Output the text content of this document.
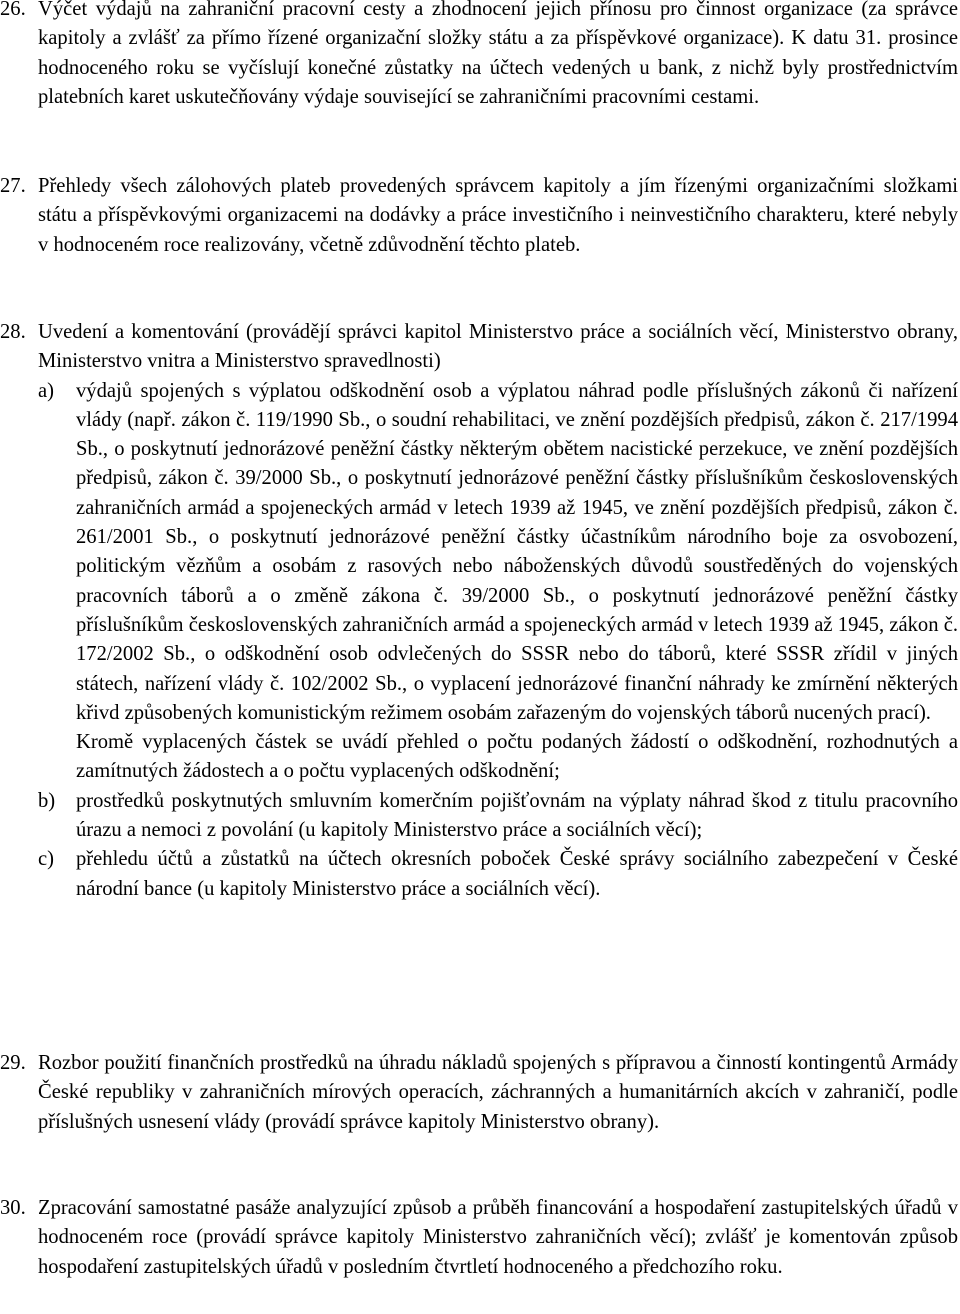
26. Výčet výdajů na zahraniční pracovní cesty a zhodnocení jejich přínosu pro činnost organizace (za správce kapitoly a zvlášť za přímo řízené organizační složky státu a za příspěvkové organizace). K datu 31. prosince hodnoceného roku se vyčíslují konečné zůstatky na účtech vedených u bank, z nichž byly prostřednictvím platebních karet uskutečňovány výdaje související se zahraničními pracovními cestami.
27. Přehledy všech zálohových plateb provedených správcem kapitoly a jím řízenými organizačními složkami státu a příspěvkovými organizacemi na dodávky a práce investičního i neinvestičního charakteru, které nebyly v hodnoceném roce realizovány, včetně zdůvodnění těchto plateb.
28. Uvedení a komentování (provádějí správci kapitol Ministerstvo práce a sociálních věcí, Ministerstvo obrany, Ministerstvo vnitra a Ministerstvo spravedlnosti)
a) výdajů spojených s výplatou odškodnění osob a výplatou náhrad podle příslušných zákonů či nařízení vlády (např. zákon č. 119/1990 Sb., o soudní rehabilitaci, ve znění pozdějších předpisů, zákon č. 217/1994 Sb., o poskytnutí jednorázové peněžní částky některým obětem nacistické perzekuce, ve znění pozdějších předpisů, zákon č. 39/2000 Sb., o poskytnutí jednorázové peněžní částky příslušníkům československých zahraničních armád a spojeneckých armád v letech 1939 až 1945, ve znění pozdějších předpisů, zákon č. 261/2001 Sb., o poskytnutí jednorázové peněžní částky účastníkům národního boje za osvobození, politickým vězňům a osobám z rasových nebo náboženských důvodů soustředěných do vojenských pracovních táborů a o změně zákona č. 39/2000 Sb., o poskytnutí jednorázové peněžní částky příslušníkům československých zahraničních armád a spojeneckých armád v letech 1939 až 1945, zákon č. 172/2002 Sb., o odškodnění osob odvlečených do SSSR nebo do táborů, které SSSR zřídil v jiných státech, nařízení vlády č. 102/2002 Sb., o vyplacení jednorázové finanční náhrady ke zmírnění některých křivd způsobených komunistickým režimem osobám zařazeným do vojenských táborů nucených prací).
Kromě vyplacených částek se uvádí přehled o počtu podaných žádostí o odškodnění, rozhodnutých a zamítnutých žádostech a o počtu vyplacených odškodnění;
b) prostředků poskytnutých smluvním komerčním pojišťovnám na výplaty náhrad škod z titulu pracovního úrazu a nemoci z povolání (u kapitoly Ministerstvo práce a sociálních věcí);
c) přehledu účtů a zůstatků na účtech okresních poboček České správy sociálního zabezpečení v České národní bance (u kapitoly Ministerstvo práce a sociálních věcí).
29. Rozbor použití finančních prostředků na úhradu nákladů spojených s přípravou a činností kontingentů Armády České republiky v zahraničních mírových operacích, záchranných a humanitárních akcích v zahraničí, podle příslušných usnesení vlády (provádí správce kapitoly Ministerstvo obrany).
30. Zpracování samostatné pasáže analyzující způsob a průběh financování a hospodaření zastupitelských úřadů v hodnoceném roce (provádí správce kapitoly Ministerstvo zahraničních věcí); zvlášť je komentován způsob hospodaření zastupitelských úřadů v posledním čtvrtletí hodnoceného a předchozího roku.
